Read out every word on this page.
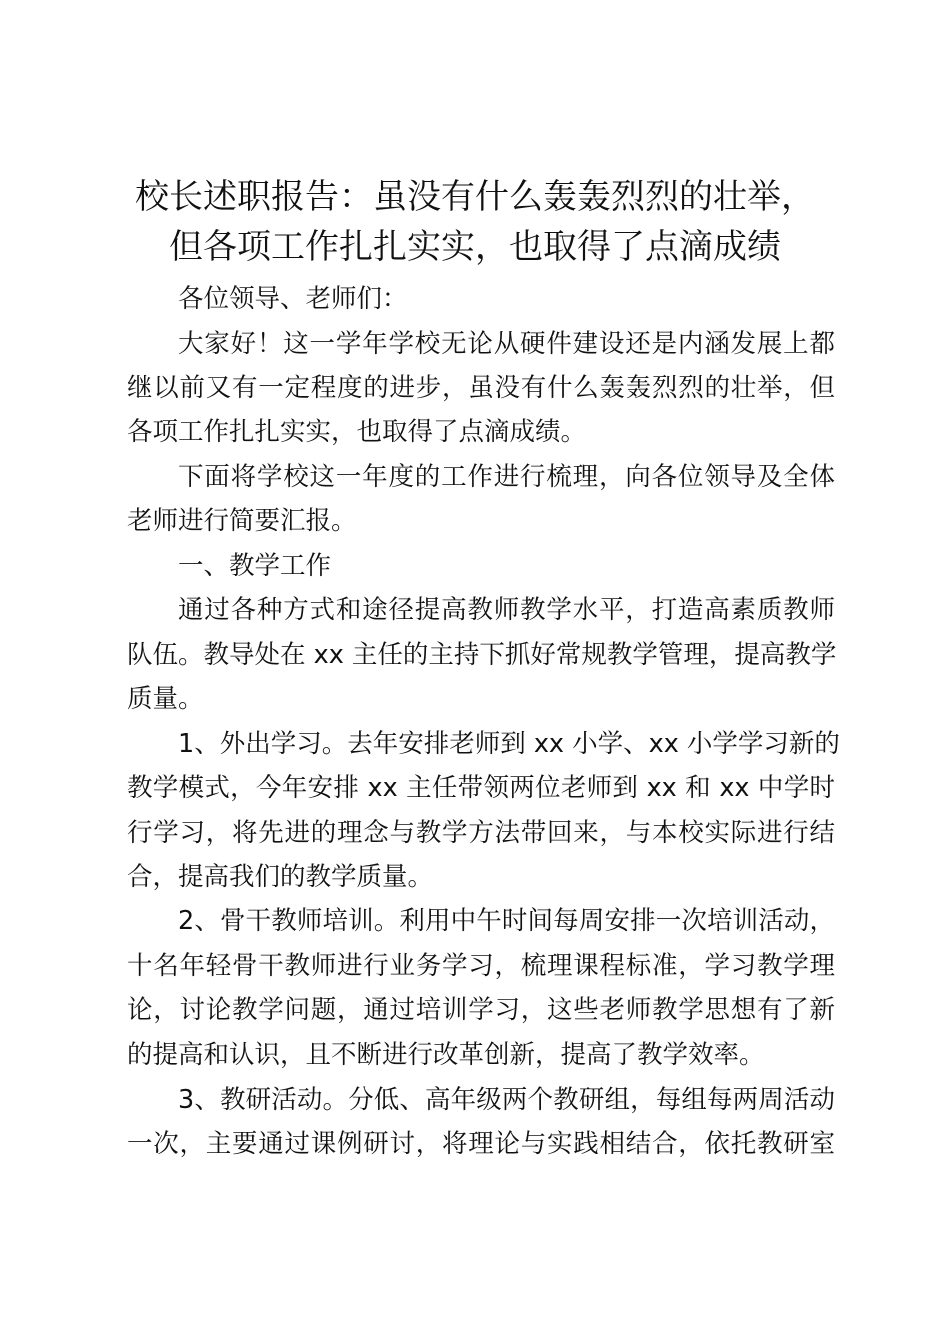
校长述职报告：虽没有什么轰轰烈烈的壮举，
但各项工作扎扎实实，也取得了点滴成绩

各位领导、老师们：

大家好！这一学年学校无论从硬件建设还是内涵发展上都

继以前又有一定程度的进步，虽没有什么轰轰烈烈的壮举，但

各项工作扎扎实实，也取得了点滴成绩。

下面将学校这一年度的工作进行梳理，向各位领导及全体

老师进行简要汇报。

一、教学工作

通过各种方式和途径提高教师教学水平，打造高素质教师

队伍。教导处在 xx 主任的主持下抓好常规教学管理，提高教学

质量。

1、外出学习。去年安排老师到 xx 小学、xx 小学学习新的

教学模式，今年安排 xx 主任带领两位老师到 xx 和 xx 中学时

行学习，将先进的理念与教学方法带回来，与本校实际进行结

合，提高我们的教学质量。

2、骨干教师培训。利用中午时间每周安排一次培训活动，

十名年轻骨干教师进行业务学习，梳理课程标准，学习教学理

论，讨论教学问题，通过培训学习，这些老师教学思想有了新

的提高和认识，且不断进行改革创新，提高了教学效率。

3、教研活动。分低、高年级两个教研组，每组每两周活动

一次，主要通过课例研讨，将理论与实践相结合，依托教研室
